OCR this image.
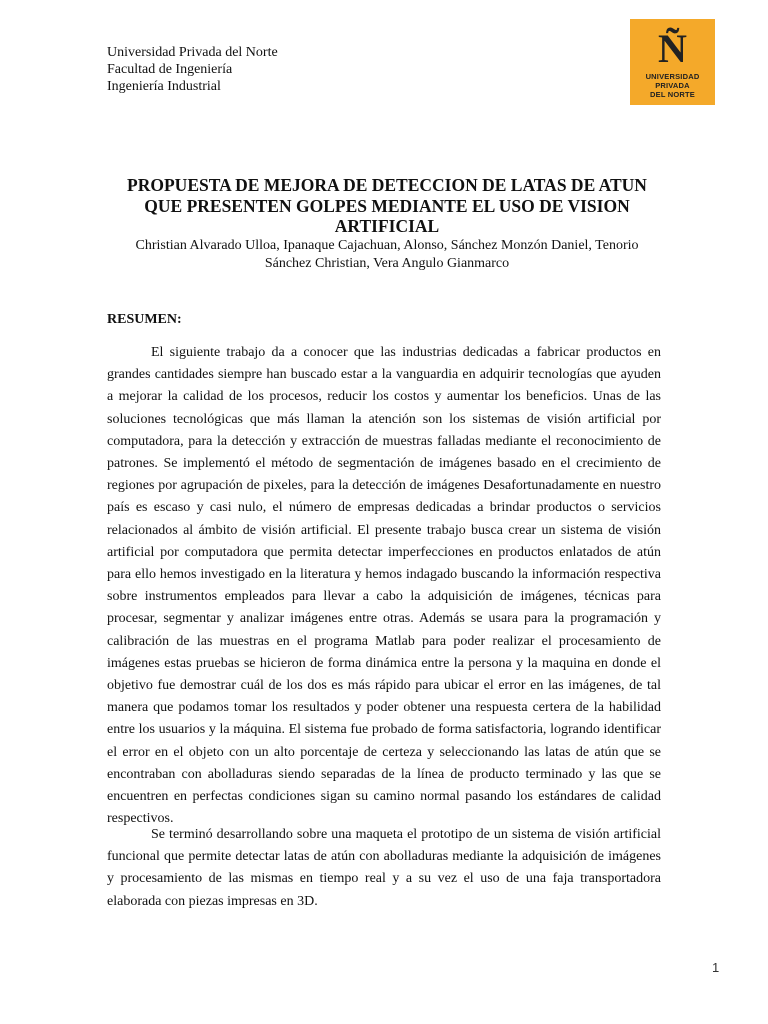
Universidad Privada del Norte
Facultad de Ingeniería
Ingeniería Industrial
Ñ
UNIVERSIDAD
PRIVADA
DEL NORTE
PROPUESTA DE MEJORA DE DETECCION DE LATAS DE ATUN
QUE PRESENTEN GOLPES MEDIANTE EL USO DE VISION
ARTIFICIAL
Christian Alvarado Ulloa, Ipanaque Cajachuan, Alonso, Sánchez Monzón Daniel, Tenorio
Sánchez Christian, Vera Angulo Gianmarco
RESUMEN:

El siguiente trabajo da a conocer que las industrias dedicadas a fabricar productos en grandes cantidades siempre han buscado estar a la vanguardia en adquirir tecnologías que ayuden a mejorar la calidad de los procesos, reducir los costos y aumentar los beneficios. Unas de las soluciones tecnológicas que más llaman la atención son los sistemas de visión artificial por computadora, para la detección y extracción de muestras falladas mediante el reconocimiento de patrones. Se implementó el método de segmentación de imágenes basado en el crecimiento de regiones por agrupación de pixeles, para la detección de imágenes Desafortunadamente en nuestro país es escaso y casi nulo, el número de empresas dedicadas a brindar productos o servicios relacionados al ámbito de visión artificial. El presente trabajo busca crear un sistema de visión artificial por computadora que permita detectar imperfecciones en productos enlatados de atún para ello hemos investigado en la literatura y hemos indagado buscando la información respectiva sobre instrumentos empleados para llevar a cabo la adquisición de imágenes, técnicas para procesar, segmentar y analizar imágenes entre otras. Además se usara para la programación y calibración de las muestras en el programa Matlab para poder realizar el procesamiento de imágenes estas pruebas se hicieron de forma dinámica entre la persona y la maquina en donde el objetivo fue demostrar cuál de los dos es más rápido para ubicar el error en las imágenes, de tal manera que podamos tomar los resultados y poder obtener una respuesta certera de la habilidad entre los usuarios y la máquina. El sistema fue probado de forma satisfactoria, logrando identificar el error en el objeto con un alto porcentaje de certeza y seleccionando las latas de atún que se encontraban con abolladuras siendo separadas de la línea de producto terminado y las que se encuentren en perfectas condiciones sigan su camino normal pasando los estándares de calidad respectivos.

Se terminó desarrollando sobre una maqueta el prototipo de un sistema de visión artificial funcional que permite detectar latas de atún con abolladuras mediante la adquisición de imágenes y procesamiento de las mismas en tiempo real y a su vez el uso de una faja transportadora elaborada con piezas impresas en 3D.

1
